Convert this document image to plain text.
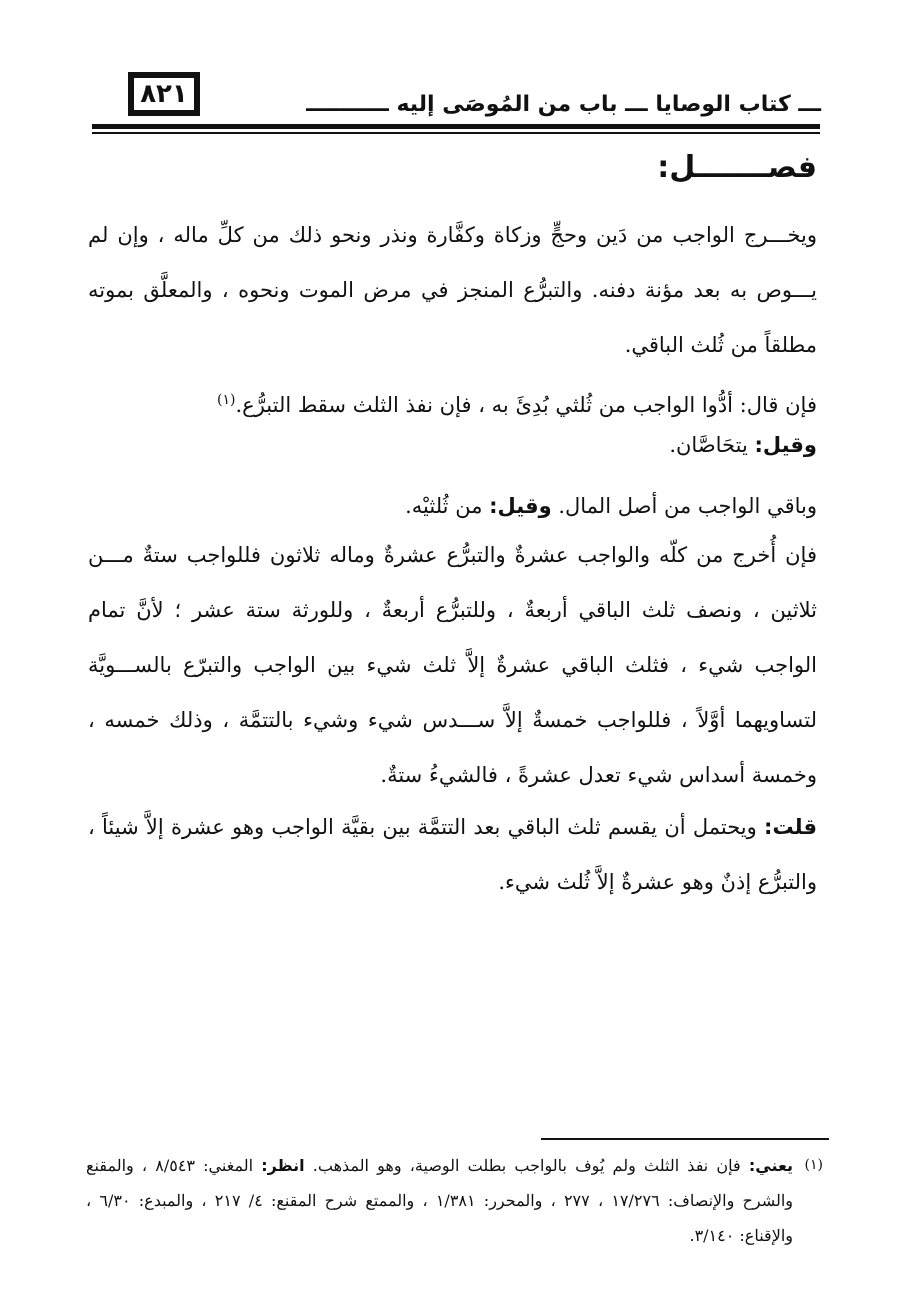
٨٢١	ـــ كتاب الوصايا ـــ باب من المُوصَى إليه ـــــــــــ
فصـــــــل:

ويخـــرج الواجب من دَين وحجٍّ وزكاة وكفَّارة ونذر ونحو ذلك من كلِّ ماله ، وإن لم يـــوص به بعد مؤنة دفنه. والتبرُّع المنجز في مرض الموت ونحوه ، والمعلَّق بموته مطلقاً من ثُلث الباقي.

فإن قال: أدُّوا الواجب من ثُلثي بُدِئَ به ، فإن نفذ الثلث سقط التبرُّع.$^{(١)}$

وقيل: يتحَاصَّان.

وباقي الواجب من أصل المال. وقيل: من ثُلثيْه.

فإن أُخرج من كلّه والواجب عشرةٌ والتبرُّع عشرةٌ وماله ثلاثون فللواجب ستةٌ مـــن ثلاثين ، ونصف ثلث الباقي أربعةٌ ، وللتبرُّع أربعةٌ ، وللورثة ستة عشر ؛ لأنَّ تمام الواجب شيء ، فثلث الباقي عشرةٌ إلاَّ ثلث شيء بين الواجب والتبرّع بالســـويَّة لتساويهما أوَّلاً ، فللواجب خمسةٌ إلاَّ ســـدس شيء وشيء بالتتمَّة ، وذلك خمسه ، وخمسة أسداس شيء تعدل عشرةً ، فالشيءُ ستةٌ.

قلت: ويحتمل أن يقسم ثلث الباقي بعد التتمَّة بين بقيَّة الواجب وهو عشرة إلاَّ شيئاً ، والتبرُّع إذنٌ وهو عشرةٌ إلاَّ ثُلث شيء.

(١)
يعني: فإن نفذ الثلث ولم يُوف بالواجب بطلت الوصية، وهو المذهب. انظر: المغني: ٨/٥٤٣ ، والمقنع والشرح والإنصاف: ١٧/٢٧٦ ، ٢٧٧ ، والمحرر: ١/٣٨١ ، والممتع شرح المقنع: ٤/ ٢١٧ ، والمبدع: ٦/٣٠ ، والإقناع: ٣/١٤٠.
